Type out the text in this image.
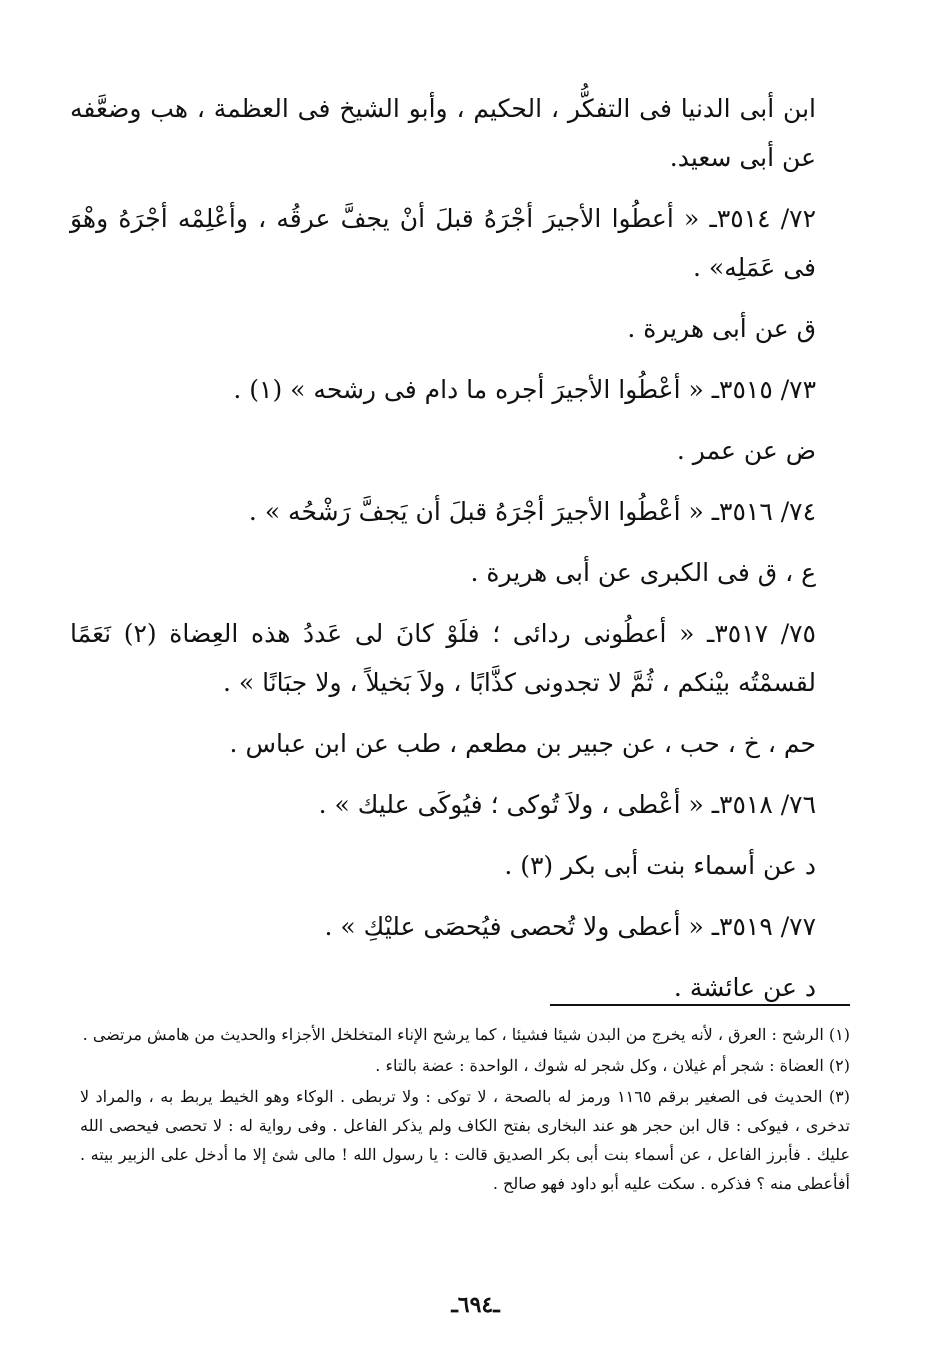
ابن أبى الدنيا فى التفكُّر ، الحكيم ، وأبو الشيخ فى العظمة ، هب وضعَّفه عن أبى سعيد.

٧٢/ ٣٥١٤ـ « أعطُوا الأجيرَ أجْرَهُ قبلَ أنْ يجفَّ عرقُه ، وأعْلِمْه أجْرَهُ وهْوَ فى عَمَلِه» .

ق عن أبى هريرة .

٧٣/ ٣٥١٥ـ « أعْطُوا الأجيرَ أجره ما دام فى رشحه » (١) .

ض عن عمر .

٧٤/ ٣٥١٦ـ « أعْطُوا الأجيرَ أجْرَهُ قبلَ أن يَجفَّ رَشْحُه » .

ع ، ق فى الكبرى عن أبى هريرة .

٧٥/ ٣٥١٧ـ « أعطُونى ردائى ؛ فلَوْ كانَ لى عَددُ هذه العِضاة (٢) نَعَمًا لقسمْتُه بيْنكم ، ثُمَّ لا تجدونى كذَّابًا ، ولاَ بَخيلاً ، ولا جبَانًا » .

حم ، خ ، حب ، عن جبير بن مطعم ، طب عن ابن عباس .

٧٦/ ٣٥١٨ـ « أعْطى ، ولاَ تُوكى ؛ فيُوكَى عليك » .

د عن أسماء بنت أبى بكر (٣) .

٧٧/ ٣٥١٩ـ « أعطى ولا تُحصى فيُحصَى عليْكِ » .

د عن عائشة .

(١) الرشح : العرق ، لأنه يخرج من البدن شيئا فشيئا ، كما يرشح الإناء المتخلخل الأجزاء والحديث من هامش مرتضى .

(٢) العضاة : شجر أم غيلان ، وكل شجر له شوك ، الواحدة : عضة بالتاء .

(٣) الحديث فى الصغير برقم ١١٦٥ ورمز له بالصحة ، لا توكى : ولا تربطى . الوكاء وهو الخيط يربط به ، والمراد لا تدخرى ، فيوكى : قال ابن حجر هو عند البخارى بفتح الكاف ولم يذكر الفاعل . وفى رواية له : لا تحصى فيحصى الله عليك . فأبرز الفاعل ، عن أسماء بنت أبى بكر الصديق قالت : يا رسول الله ! مالى شئ إلا ما أدخل على الزبير بيته . أفأعطى منه ؟ فذكره . سكت عليه أبو داود فهو صالح .

ـ٦٩٤ـ
